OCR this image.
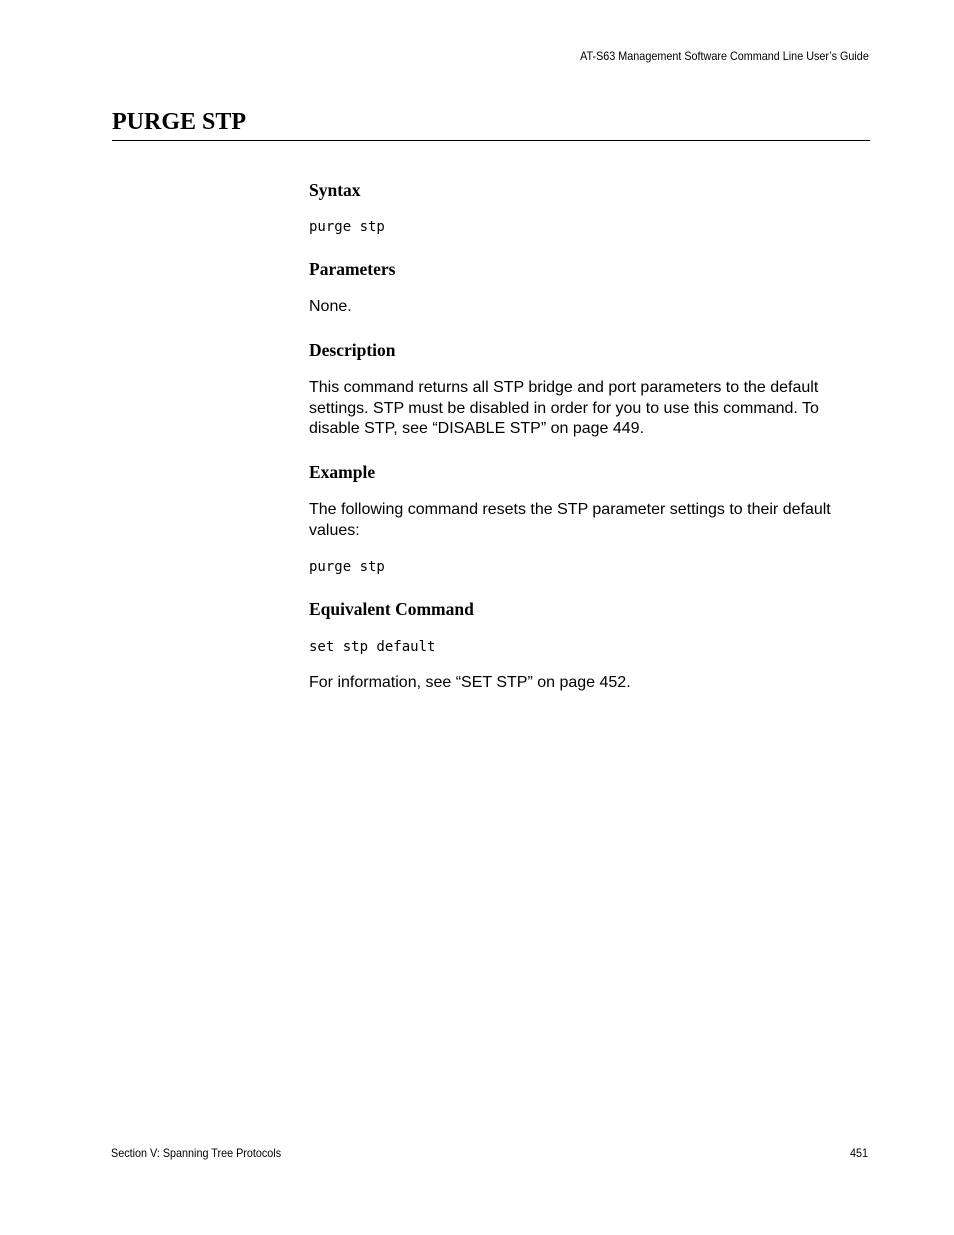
AT-S63 Management Software Command Line User’s Guide
PURGE STP
Syntax
purge stp
Parameters

None.

Description

This command returns all STP bridge and port parameters to the default settings. STP must be disabled in order for you to use this command. To disable STP, see “DISABLE STP” on page 449.

Example

The following command resets the STP parameter settings to their default values:

purge stp
Equivalent Command
set stp default

For information, see “SET STP” on page 452.

Section V: Spanning Tree Protocols	451
